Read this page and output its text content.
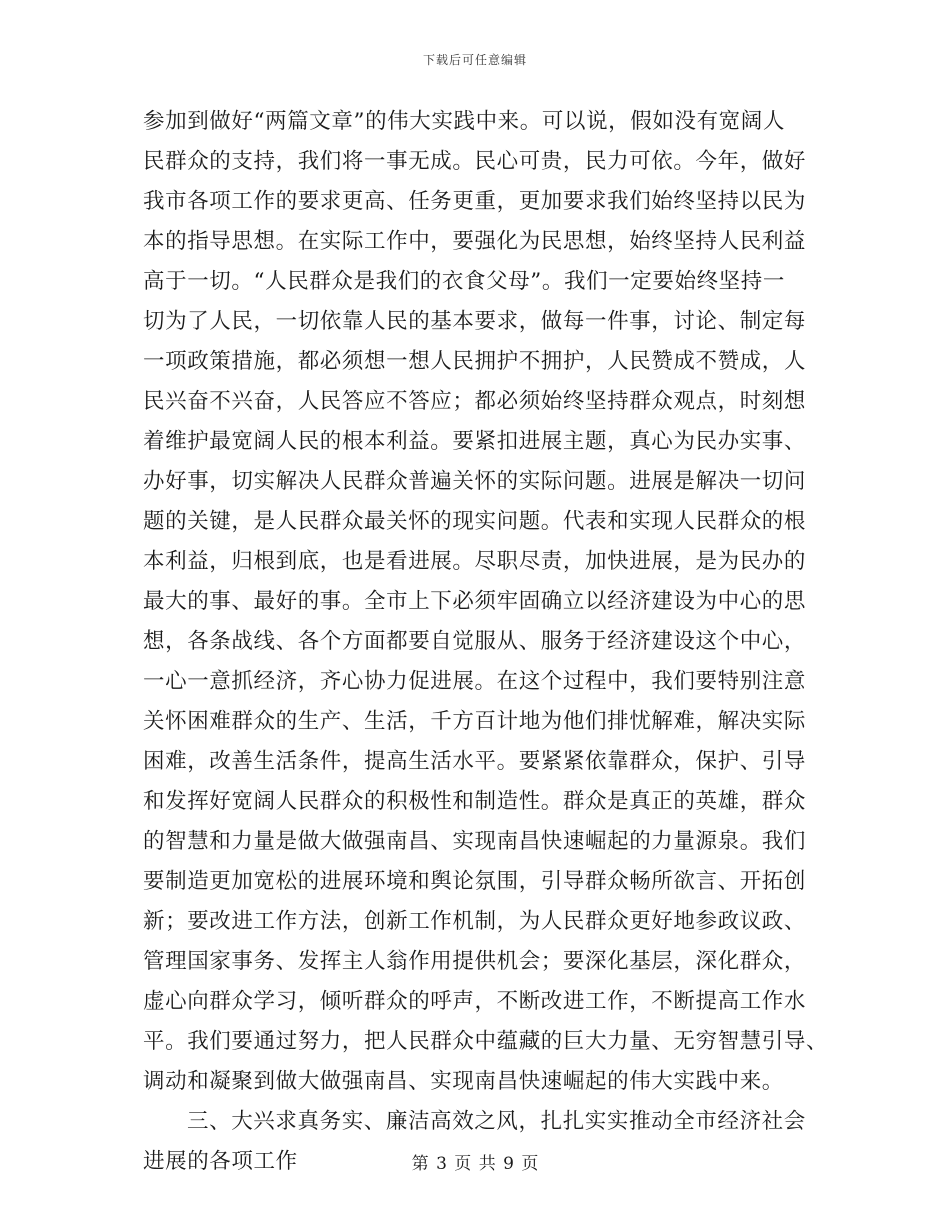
下载后可任意编辑
参加到做好“两篇文章”的伟大实践中来。可以说，假如没有宽阔人
民群众的支持，我们将一事无成。民心可贵，民力可依。今年，做好
我市各项工作的要求更高、任务更重，更加要求我们始终坚持以民为
本的指导思想。在实际工作中，要强化为民思想，始终坚持人民利益
高于一切。“人民群众是我们的衣食父母”。我们一定要始终坚持一
切为了人民，一切依靠人民的基本要求，做每一件事，讨论、制定每
一项政策措施，都必须想一想人民拥护不拥护，人民赞成不赞成，人
民兴奋不兴奋，人民答应不答应；都必须始终坚持群众观点，时刻想
着维护最宽阔人民的根本利益。要紧扣进展主题，真心为民办实事、
办好事，切实解决人民群众普遍关怀的实际问题。进展是解决一切问
题的关键，是人民群众最关怀的现实问题。代表和实现人民群众的根
本利益，归根到底，也是看进展。尽职尽责，加快进展，是为民办的
最大的事、最好的事。全市上下必须牢固确立以经济建设为中心的思
想，各条战线、各个方面都要自觉服从、服务于经济建设这个中心，
一心一意抓经济，齐心协力促进展。在这个过程中，我们要特别注意
关怀困难群众的生产、生活，千方百计地为他们排忧解难，解决实际
困难，改善生活条件，提高生活水平。要紧紧依靠群众，保护、引导
和发挥好宽阔人民群众的积极性和制造性。群众是真正的英雄，群众
的智慧和力量是做大做强南昌、实现南昌快速崛起的力量源泉。我们
要制造更加宽松的进展环境和舆论氛围，引导群众畅所欲言、开拓创
新；要改进工作方法，创新工作机制，为人民群众更好地参政议政、
管理国家事务、发挥主人翁作用提供机会；要深化基层，深化群众，
虚心向群众学习，倾听群众的呼声，不断改进工作，不断提高工作水
平。我们要通过努力，把人民群众中蕴藏的巨大力量、无穷智慧引导、
调动和凝聚到做大做强南昌、实现南昌快速崛起的伟大实践中来。
三、大兴求真务实、廉洁高效之风，扎扎实实推动全市经济社会
进展的各项工作	第 3 页 共 9 页
